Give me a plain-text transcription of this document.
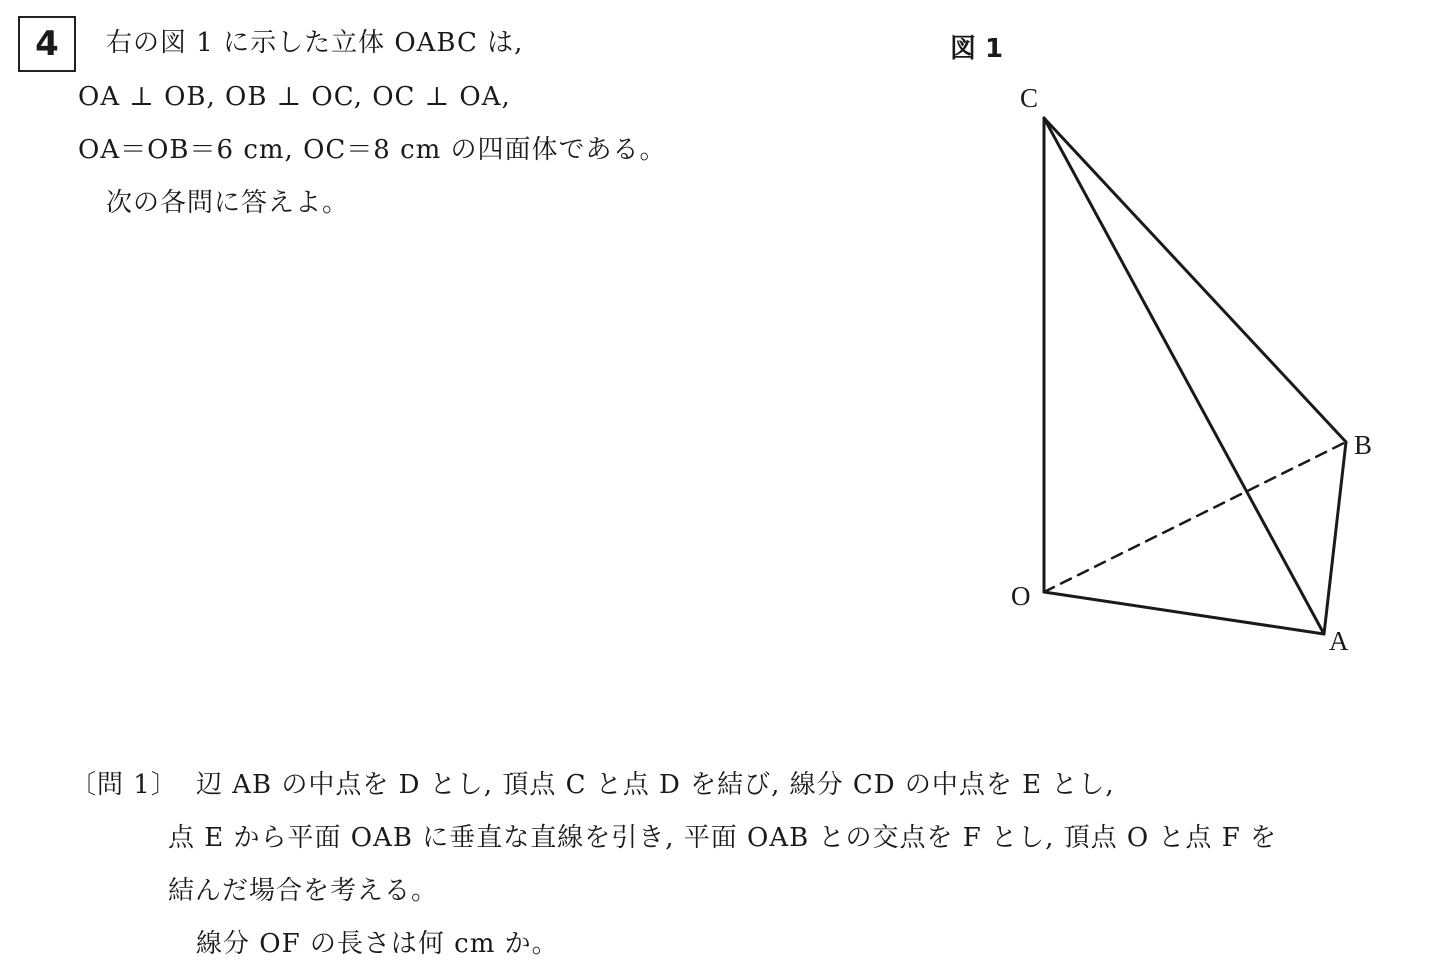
4	右の図 1 に示した立体 OABC は,
OA ⊥ OB, OB ⊥ OC, OC ⊥ OA,
OA＝OB＝6 cm, OC＝8 cm の四面体である。
次の各問に答えよ。
図 1
C
B
O
A
〔問 1〕 辺 AB の中点を D とし, 頂点 C と点 D を結び, 線分 CD の中点を E とし,
点 E から平面 OAB に垂直な直線を引き, 平面 OAB との交点を F とし, 頂点 O と点 F を
結んだ場合を考える。
線分 OF の長さは何 cm か。
